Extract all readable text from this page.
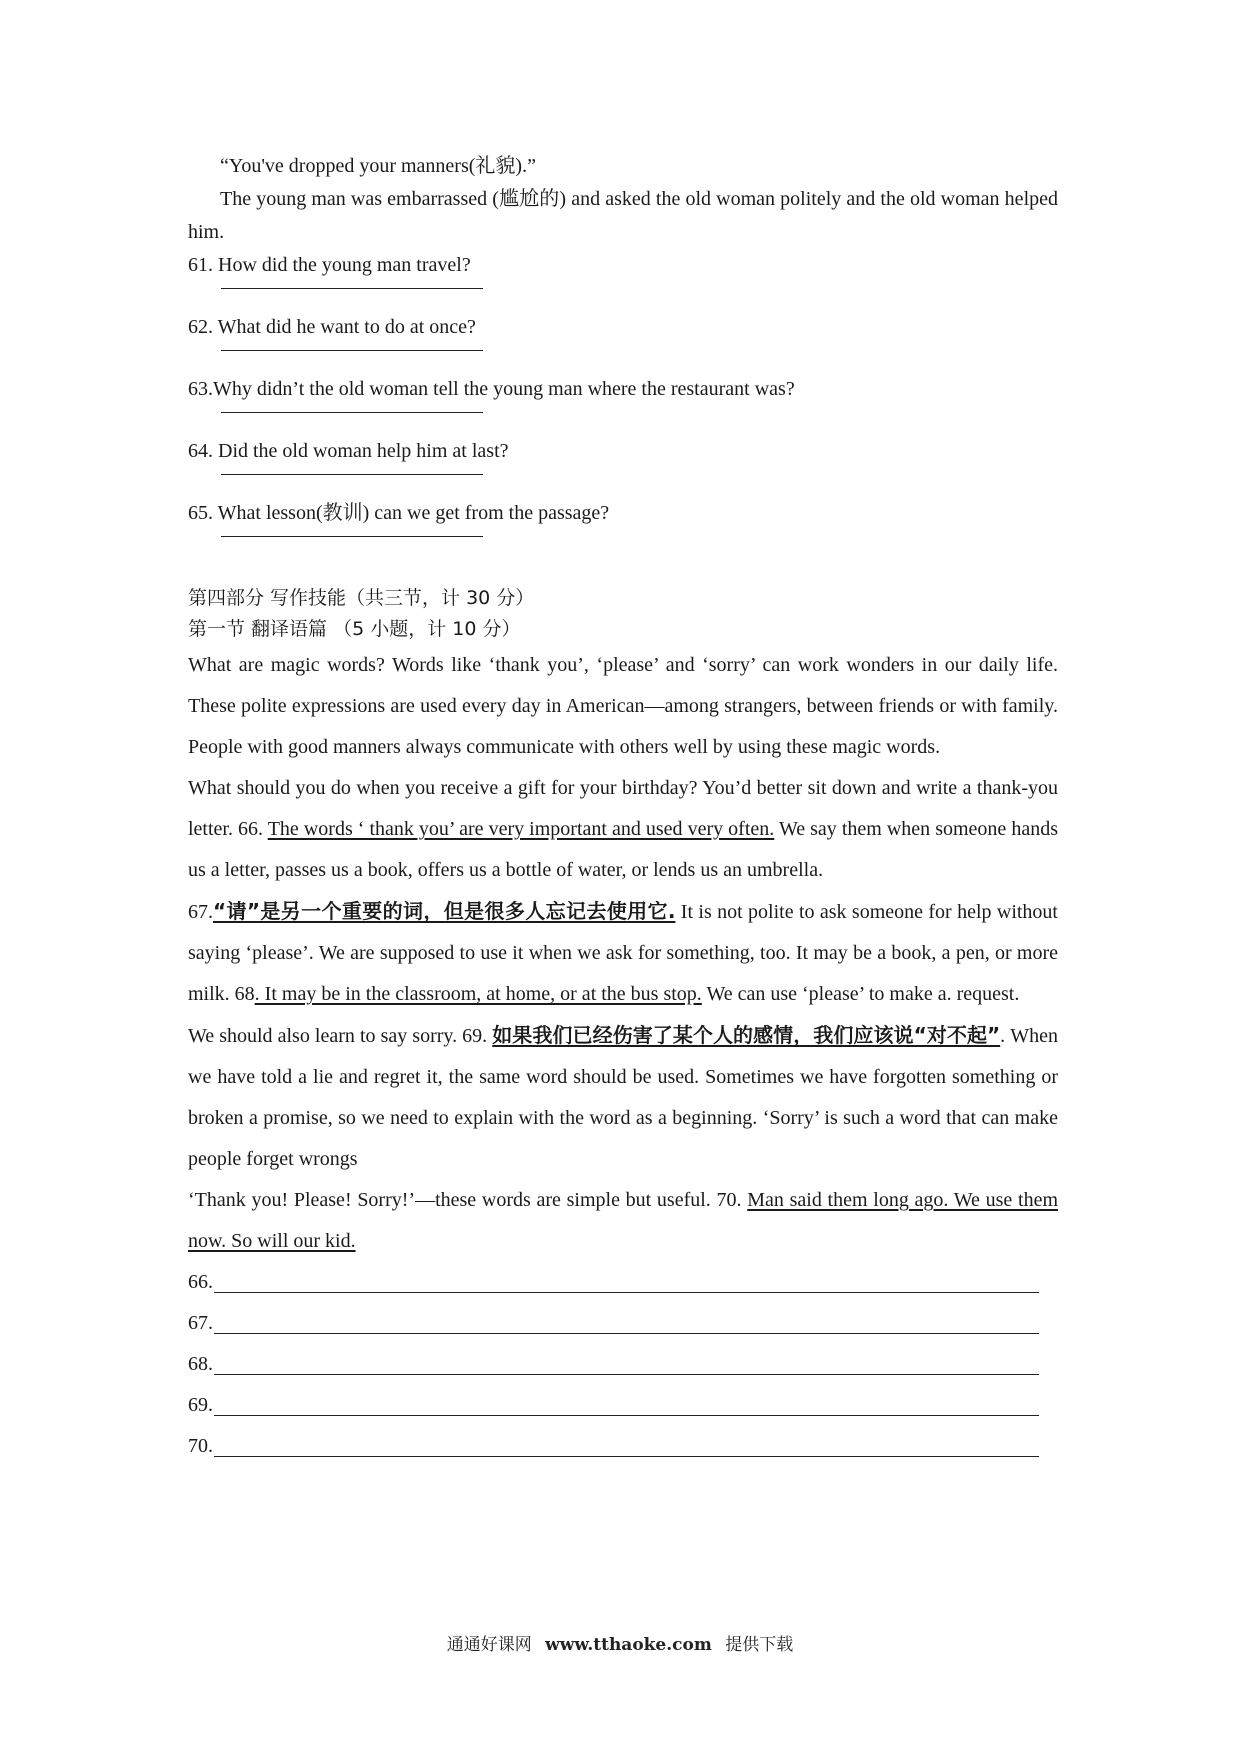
“You've dropped your manners(礼貌).”

The young man was embarrassed (尴尬的) and asked the old woman politely and the old woman helped him.

61. How did the young man travel?

62. What did he want to do at once?

63.Why didn’t the old woman tell the young man where the restaurant was?

64. Did the old woman help him at last?

65. What lesson(教训) can we get from the passage?

第四部分 写作技能（共三节，计 30 分）

第一节 翻译语篇 （5 小题，计 10 分）

What are magic words? Words like ‘thank you’, ‘please’ and ‘sorry’ can work wonders in our daily life. These polite expressions are used every day in American—among strangers, between friends or with family. People with good manners always communicate with others well by using these magic words.

What should you do when you receive a gift for your birthday? You’d better sit down and write a thank-you letter. 66. The words ‘ thank you’ are very important and used very often. We say them when someone hands us a letter, passes us a book, offers us a bottle of water, or lends us an umbrella.

67.“请”是另一个重要的词，但是很多人忘记去使用它. It is not polite to ask someone for help without saying ‘please’. We are supposed to use it when we ask for something, too. It may be a book, a pen, or more milk. 68. It may be in the classroom, at home, or at the bus stop. We can use ‘please’ to make a. request.

We should also learn to say sorry. 69. 如果我们已经伤害了某个人的感情，我们应该说“对不起”. When we have told a lie and regret it, the same word should be used. Sometimes we have forgotten something or broken a promise, so we need to explain with the word as a beginning. ‘Sorry’ is such a word that can make people forget wrongs

‘Thank you! Please! Sorry!’—these words are simple but useful. 70. Man said them long ago. We use them now. So will our kid.

66.
67.
68.
69.
70.
通通好课网 www.tthaoke.com 提供下载
